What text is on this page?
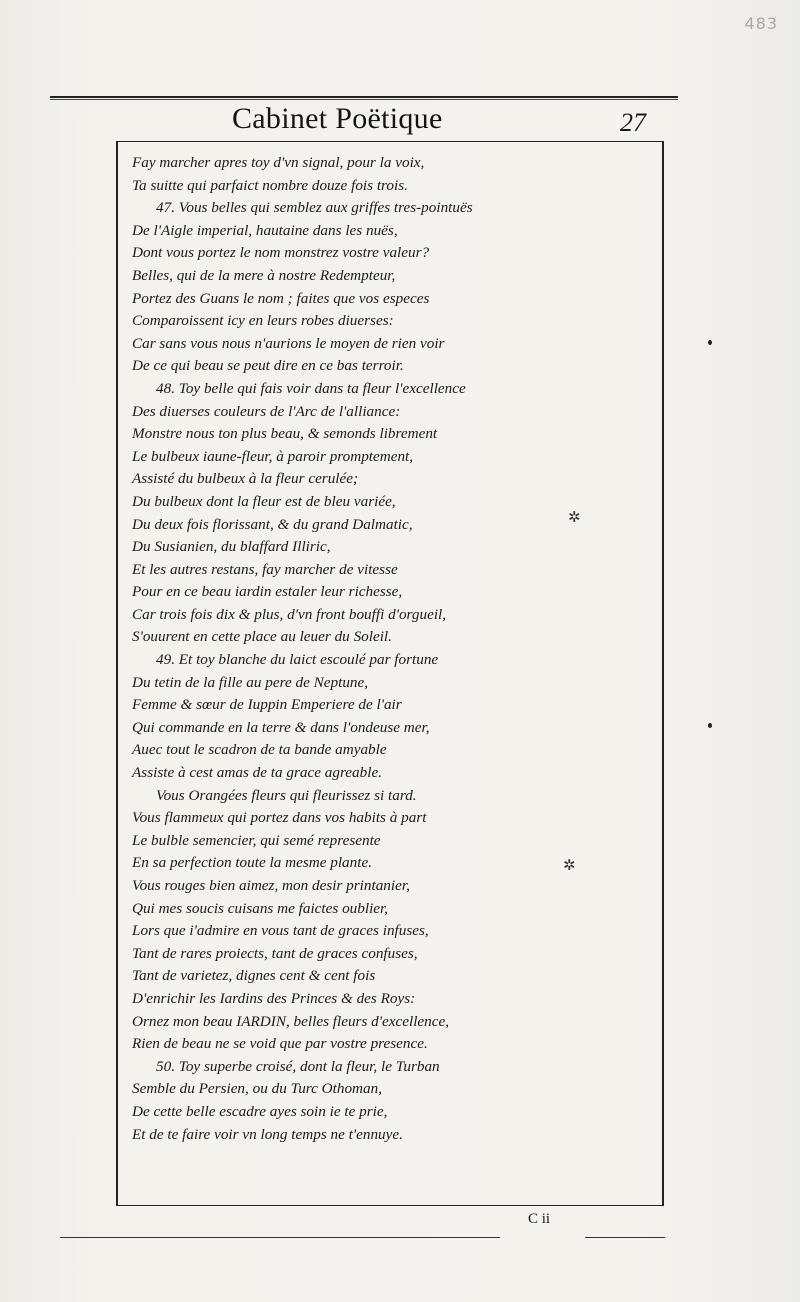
483
Cabinet Poëtique	27
Fay marcher apres toy d'vn signal, pour la voix,
Ta suitte qui parfaict nombre douze fois trois.
47. Vous belles qui semblez aux griffes tres-pointuës
De l'Aigle imperial, hautaine dans les nuës,
Dont vous portez le nom monstrez vostre valeur?
Belles, qui de la mere à nostre Redempteur,
Portez des Guans le nom ; faites que vos especes
Comparoissent icy en leurs robes diuerses:
Car sans vous nous n'aurions le moyen de rien voir
De ce qui beau se peut dire en ce bas terroir.
48. Toy belle qui fais voir dans ta fleur l'excellence
Des diuerses couleurs de l'Arc de l'alliance:
Monstre nous ton plus beau, & semonds librement
Le bulbeux iaune-fleur, à paroir promptement,
Assisté du bulbeux à la fleur cerulée;
Du bulbeux dont la fleur est de bleu variée,
Du deux fois florissant, & du grand Dalmatic,
Du Susianien, du blaffard Illiric,
Et les autres restans, fay marcher de vitesse
Pour en ce beau iardin estaler leur richesse,
Car trois fois dix & plus, d'vn front bouffi d'orgueil,
S'ouurent en cette place au leuer du Soleil.
49. Et toy blanche du laict escoulé par fortune
Du tetin de la fille au pere de Neptune,
Femme & sœur de Iuppin Emperiere de l'air
Qui commande en la terre & dans l'ondeuse mer,
Auec tout le scadron de ta bande amyable
Assiste à cest amas de ta grace agreable.
Vous Orangées fleurs qui fleurissez si tard.
Vous flammeux qui portez dans vos habits à part
Le bulble semencier, qui semé represente
En sa perfection toute la mesme plante.
Vous rouges bien aimez, mon desir printanier,
Qui mes soucis cuisans me faictes oublier,
Lors que i'admire en vous tant de graces infuses,
Tant de rares proiects, tant de graces confuses,
Tant de varietez, dignes cent & cent fois
D'enrichir les Iardins des Princes & des Roys:
Ornez mon beau IARDIN, belles fleurs d'excellence,
Rien de beau ne se void que par vostre presence.
50. Toy superbe croisé, dont la fleur, le Turban
Semble du Persien, ou du Turc Othoman,
De cette belle escadre ayes soin ie te prie,
Et de te faire voir vn long temps ne t'ennuye.
✲
✲
C ii
